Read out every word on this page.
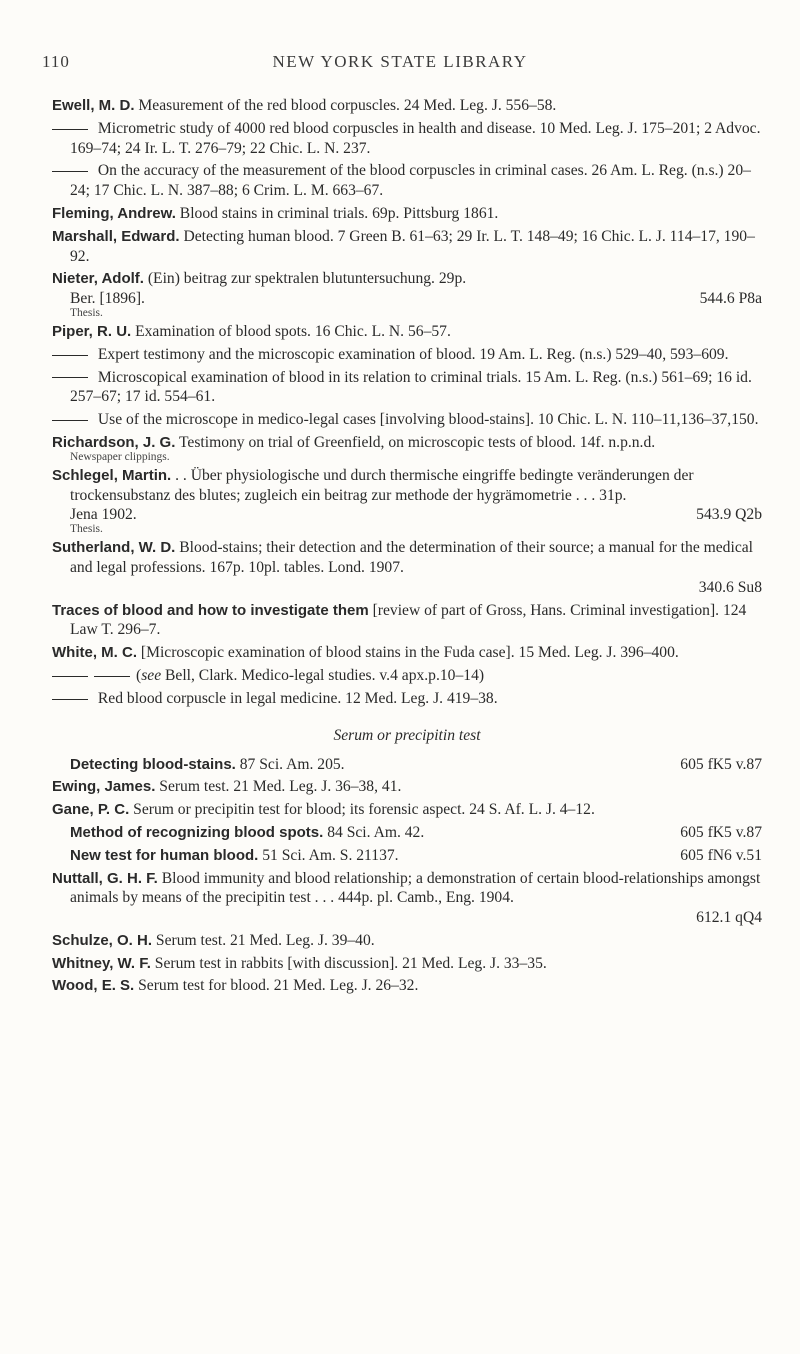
110	NEW YORK STATE LIBRARY

Ewell, M. D. Measurement of the red blood corpuscles. 24 Med. Leg. J. 556–58.

Micrometric study of 4000 red blood corpuscles in health and disease. 10 Med. Leg. J. 175–201; 2 Advoc. 169–74; 24 Ir. L. T. 276–79; 22 Chic. L. N. 237.

On the accuracy of the measurement of the blood corpuscles in criminal cases. 26 Am. L. Reg. (n.s.) 20–24; 17 Chic. L. N. 387–88; 6 Crim. L. M. 663–67.

Fleming, Andrew. Blood stains in criminal trials. 69p. Pittsburg 1861.

Marshall, Edward. Detecting human blood. 7 Green B. 61–63; 29 Ir. L. T. 148–49; 16 Chic. L. J. 114–17, 190–92.

Nieter, Adolf. (Ein) beitrag zur spektralen blutuntersuchung. 29p.
Ber. [1896].	544.6 P8a
Thesis.

Piper, R. U. Examination of blood spots. 16 Chic. L. N. 56–57.

Expert testimony and the microscopic examination of blood. 19 Am. L. Reg. (n.s.) 529–40, 593–609.

Microscopical examination of blood in its relation to criminal trials. 15 Am. L. Reg. (n.s.) 561–69; 16 id. 257–67; 17 id. 554–61.

Use of the microscope in medico-legal cases [involving blood-stains]. 10 Chic. L. N. 110–11,136–37,150.

Richardson, J. G. Testimony on trial of Greenfield, on microscopic tests of blood. 14f. n.p.n.d.
Newspaper clippings.
Schlegel, Martin. . . Über physiologische und durch thermische eingriffe bedingte veränderungen der trockensubstanz des blutes; zugleich ein beitrag zur methode der hygrämometrie . . . 31p.
Jena 1902.	543.9 Q2b
Thesis.
Sutherland, W. D. Blood-stains; their detection and the determination of their source; a manual for the medical and legal professions. 167p. 10pl. tables. Lond. 1907.
340.6 Su8

Traces of blood and how to investigate them [review of part of Gross, Hans. Criminal investigation]. 124 Law T. 296–7.

White, M. C. [Microscopic examination of blood stains in the Fuda case]. 15 Med. Leg. J. 396–400.

(see Bell, Clark. Medico-legal studies. v.4 apx.p.10–14)

Red blood corpuscle in legal medicine. 12 Med. Leg. J. 419–38.

Serum or precipitin test

Detecting blood-stains. 87 Sci. Am. 205.	605 fK5 v.87

Ewing, James. Serum test. 21 Med. Leg. J. 36–38, 41.

Gane, P. C. Serum or precipitin test for blood; its forensic aspect. 24 S. Af. L. J. 4–12.

Method of recognizing blood spots. 84 Sci. Am. 42.	605 fK5 v.87

New test for human blood. 51 Sci. Am. S. 21137.	605 fN6 v.51

Nuttall, G. H. F. Blood immunity and blood relationship; a demonstration of certain blood-relationships amongst animals by means of the precipitin test . . . 444p. pl. Camb., Eng. 1904.
612.1 qQ4

Schulze, O. H. Serum test. 21 Med. Leg. J. 39–40.

Whitney, W. F. Serum test in rabbits [with discussion]. 21 Med. Leg. J. 33–35.

Wood, E. S. Serum test for blood. 21 Med. Leg. J. 26–32.
